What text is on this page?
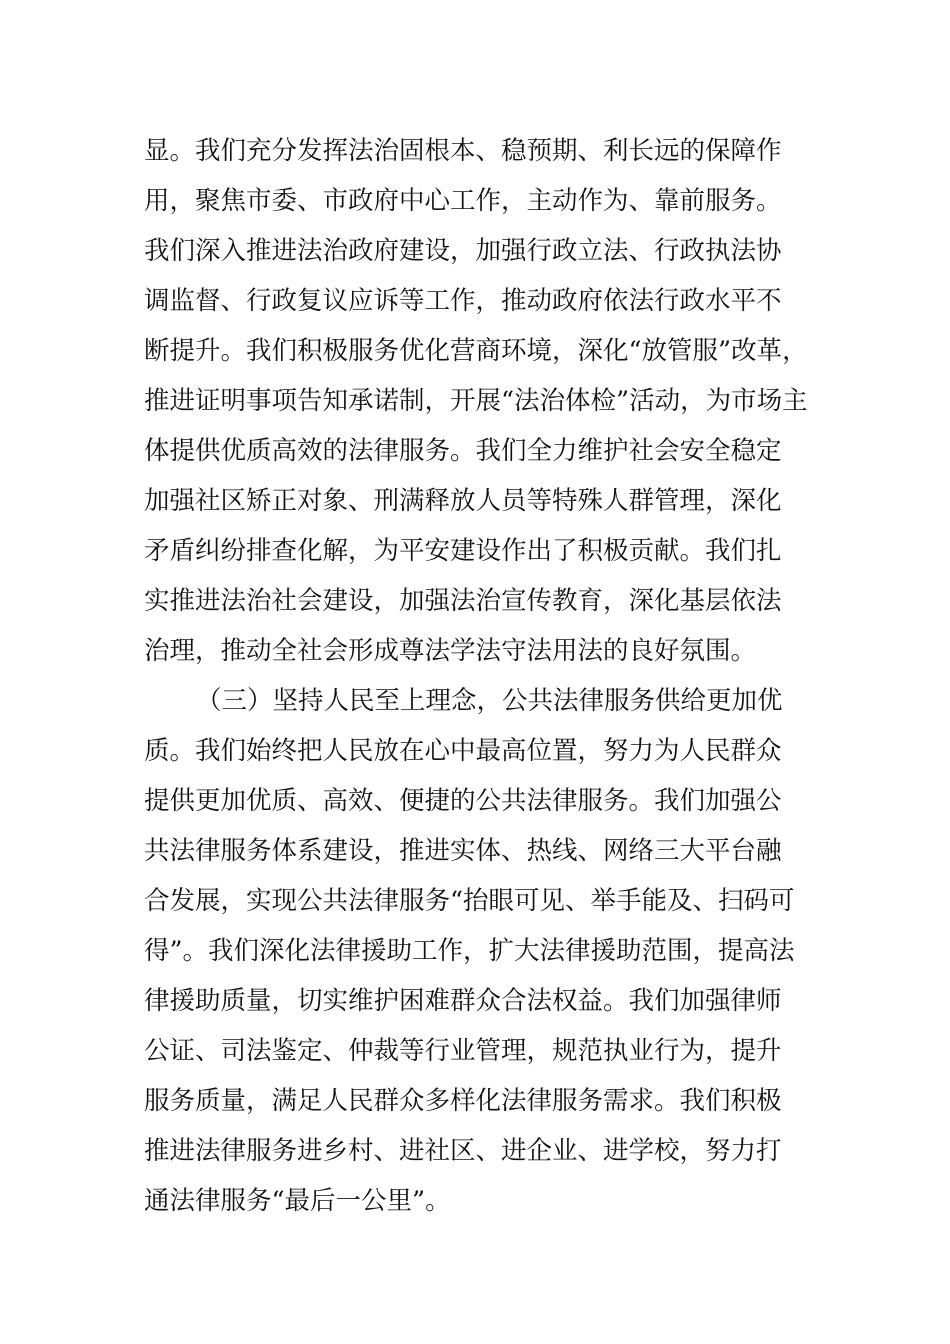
显。我们充分发挥法治固根本、稳预期、利长远的保障作
用，聚焦市委、市政府中心工作，主动作为、靠前服务。
我们深入推进法治政府建设，加强行政立法、行政执法协
调监督、行政复议应诉等工作，推动政府依法行政水平不
断提升。我们积极服务优化营商环境，深化“放管服”改革，
推进证明事项告知承诺制，开展“法治体检”活动，为市场主
体提供优质高效的法律服务。我们全力维护社会安全稳定
加强社区矫正对象、刑满释放人员等特殊人群管理，深化
矛盾纠纷排查化解，为平安建设作出了积极贡献。我们扎
实推进法治社会建设，加强法治宣传教育，深化基层依法
治理，推动全社会形成尊法学法守法用法的良好氛围。
（三）坚持人民至上理念，公共法律服务供给更加优
质。我们始终把人民放在心中最高位置，努力为人民群众
提供更加优质、高效、便捷的公共法律服务。我们加强公
共法律服务体系建设，推进实体、热线、网络三大平台融
合发展，实现公共法律服务“抬眼可见、举手能及、扫码可
得”。我们深化法律援助工作，扩大法律援助范围，提高法
律援助质量，切实维护困难群众合法权益。我们加强律师
公证、司法鉴定、仲裁等行业管理，规范执业行为，提升
服务质量，满足人民群众多样化法律服务需求。我们积极
推进法律服务进乡村、进社区、进企业、进学校，努力打
通法律服务“最后一公里”。
